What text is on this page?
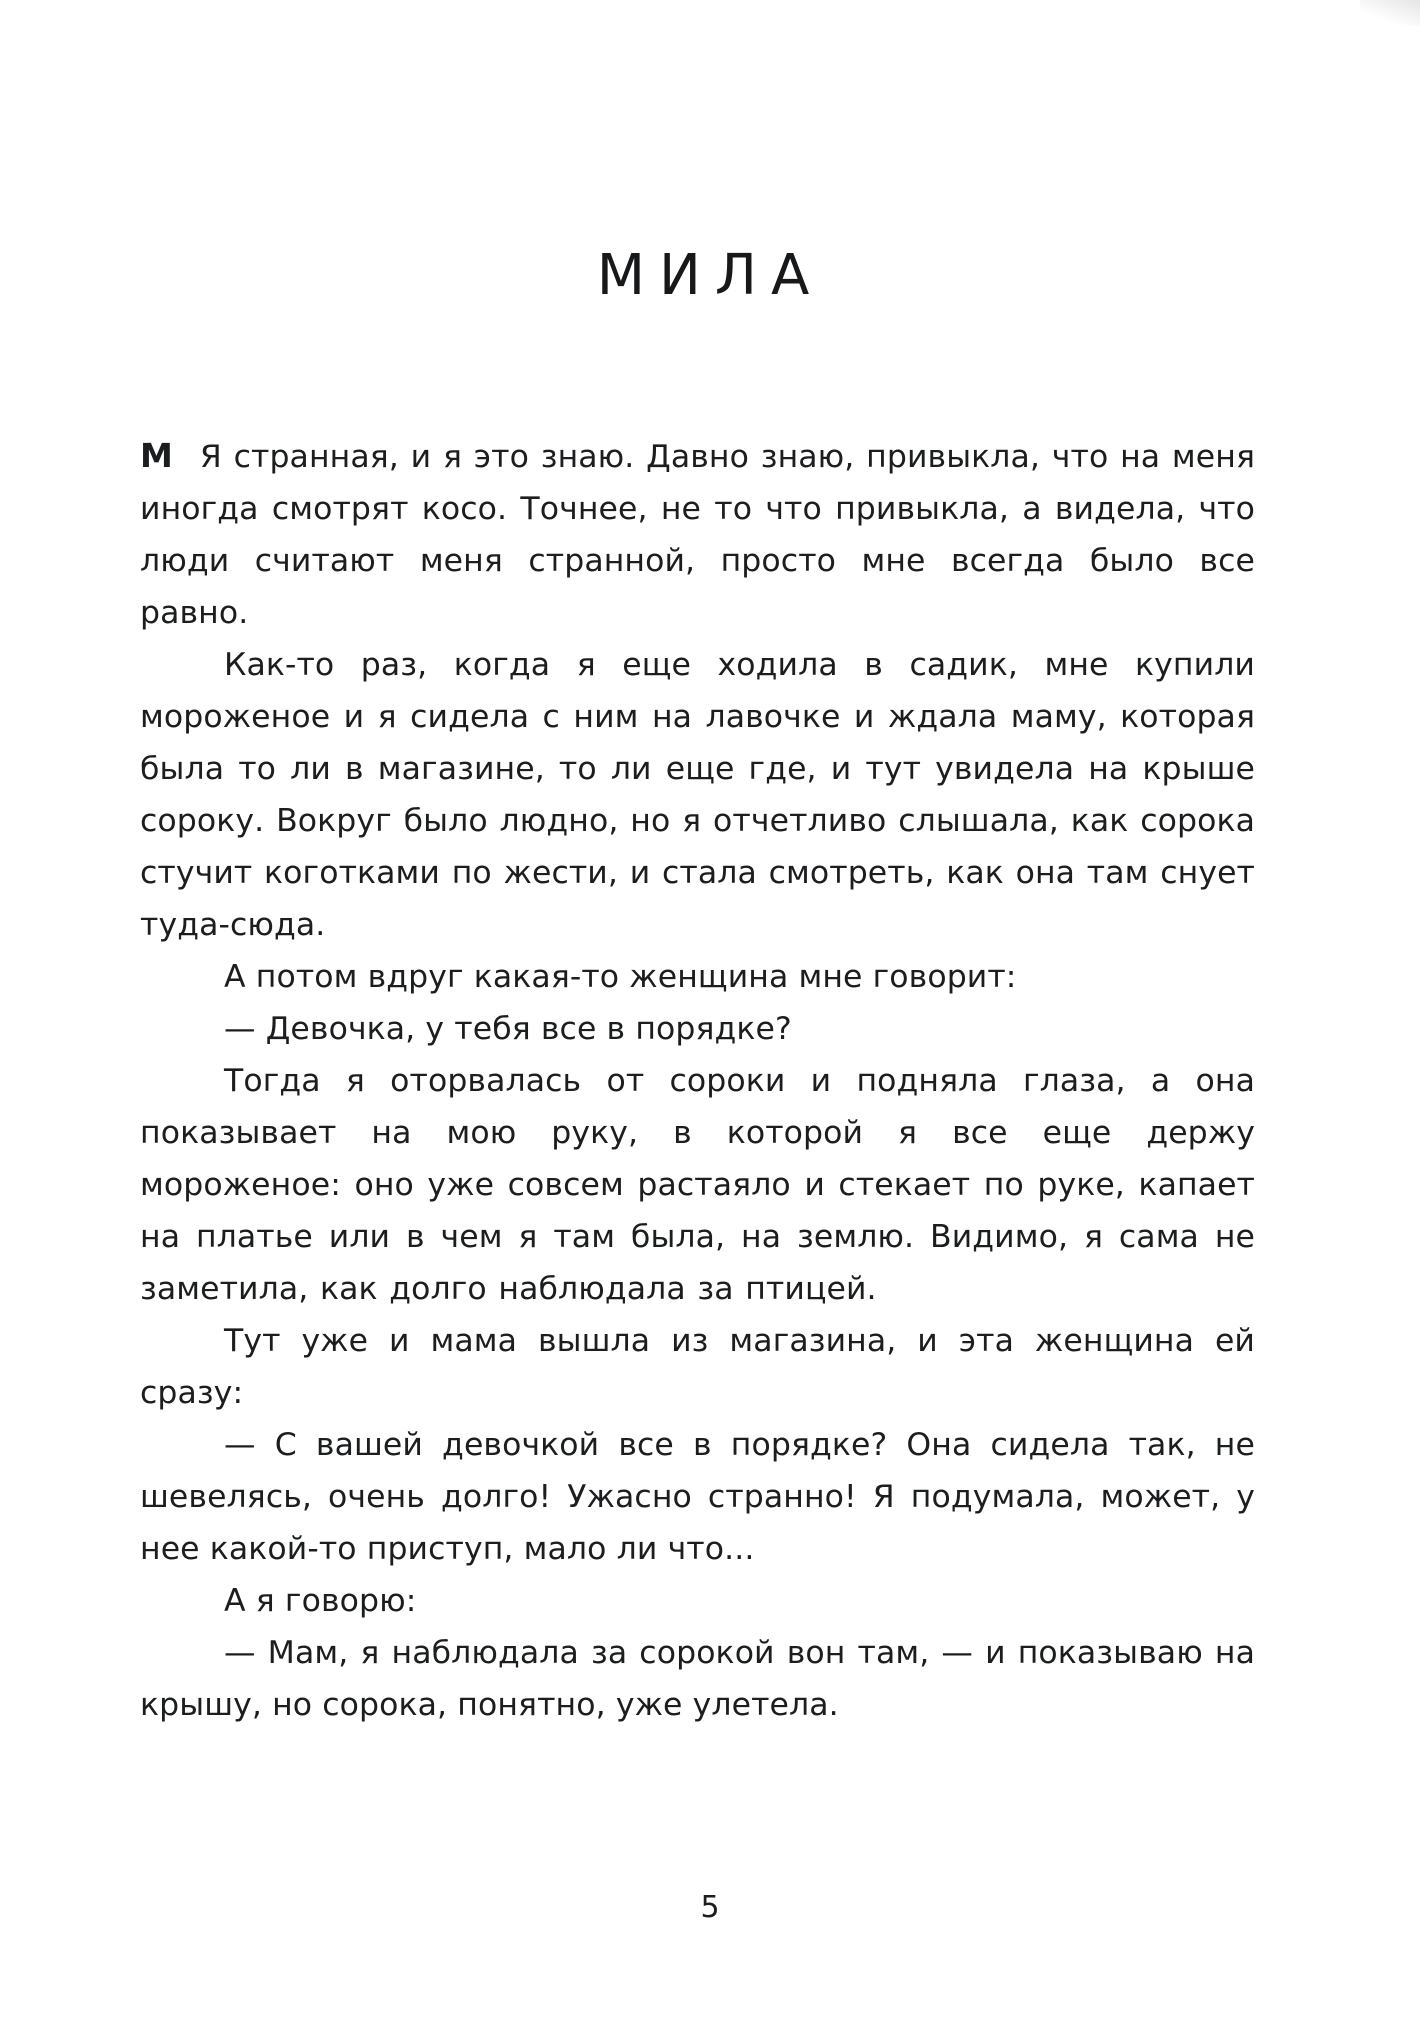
МИЛА

М Я странная, и я это знаю. Давно знаю, привыкла, что на меня иногда смотрят косо. Точнее, не то что привыкла, а видела, что люди считают меня странной, просто мне всегда было все равно.

Как-то раз, когда я еще ходила в садик, мне купили мороженое и я сидела с ним на лавочке и ждала маму, которая была то ли в магазине, то ли еще где, и тут увидела на крыше сороку. Вокруг было людно, но я отчетливо слышала, как сорока стучит коготками по жести, и стала смотреть, как она там снует туда-сюда.

А потом вдруг какая-то женщина мне говорит:

— Девочка, у тебя все в порядке?

Тогда я оторвалась от сороки и подняла глаза, а она показывает на мою руку, в которой я все еще держу мороженое: оно уже совсем растаяло и стекает по руке, капает на платье или в чем я там была, на землю. Видимо, я сама не заметила, как долго наблюдала за птицей.

Тут уже и мама вышла из магазина, и эта женщина ей сразу:

— С вашей девочкой все в порядке? Она сидела так, не шевелясь, очень долго! Ужасно странно! Я подумала, может, у нее какой-то приступ, мало ли что...

А я говорю:

— Мам, я наблюдала за сорокой вон там, — и показываю на крышу, но сорока, понятно, уже улетела.

5
